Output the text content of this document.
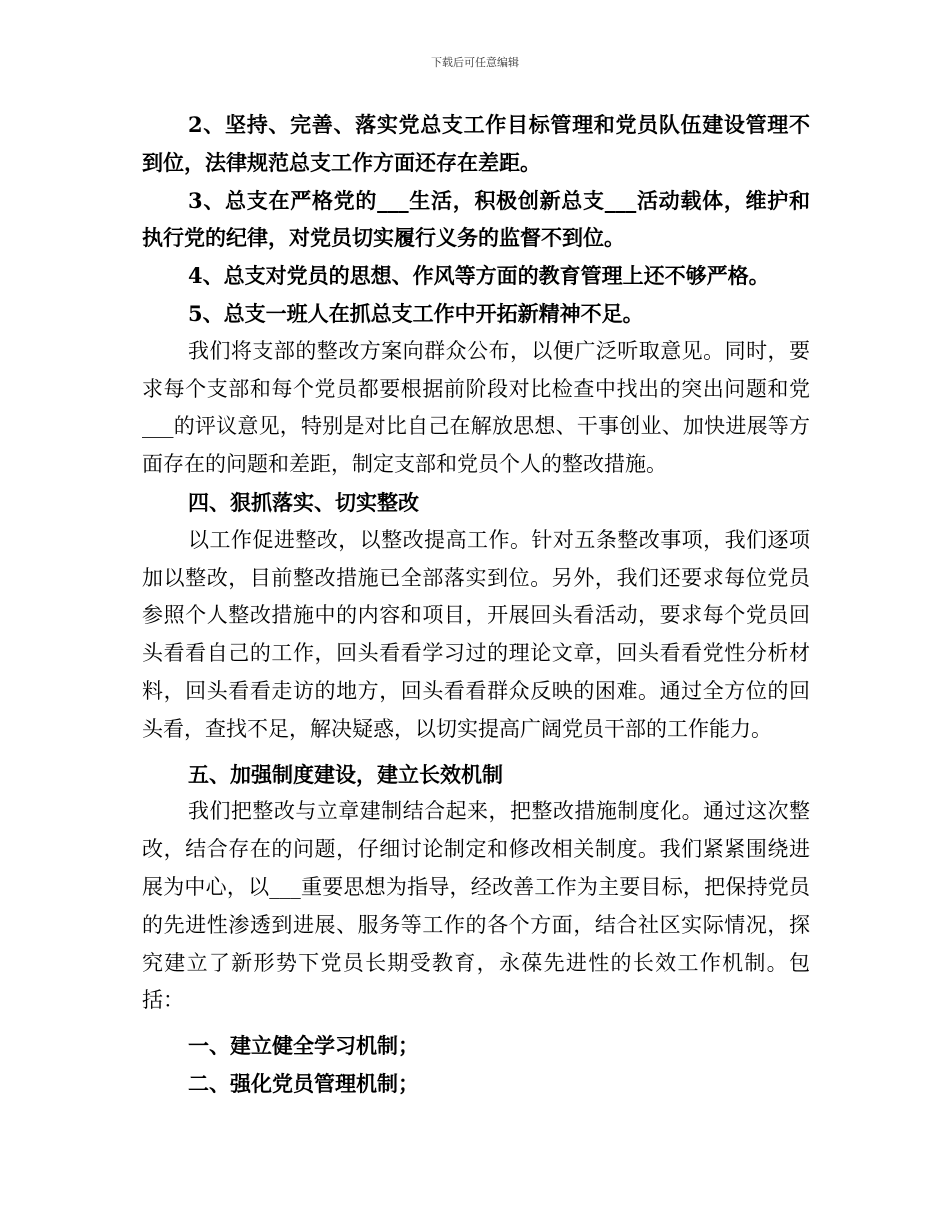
下载后可任意编辑

2、坚持、完善、落实党总支工作目标管理和党员队伍建设管理不到位，法律规范总支工作方面还存在差距。

3、总支在严格党的___生活，积极创新总支___活动载体，维护和执行党的纪律，对党员切实履行义务的监督不到位。

4、总支对党员的思想、作风等方面的教育管理上还不够严格。

5、总支一班人在抓总支工作中开拓新精神不足。

我们将支部的整改方案向群众公布，以便广泛听取意见。同时，要求每个支部和每个党员都要根据前阶段对比检查中找出的突出问题和党___的评议意见，特别是对比自己在解放思想、干事创业、加快进展等方面存在的问题和差距，制定支部和党员个人的整改措施。

四、狠抓落实、切实整改

以工作促进整改，以整改提高工作。针对五条整改事项，我们逐项加以整改，目前整改措施已全部落实到位。另外，我们还要求每位党员参照个人整改措施中的内容和项目，开展回头看活动，要求每个党员回头看看自己的工作，回头看看学习过的理论文章，回头看看党性分析材料，回头看看走访的地方，回头看看群众反映的困难。通过全方位的回头看，查找不足，解决疑惑，以切实提高广阔党员干部的工作能力。

五、加强制度建设，建立长效机制

我们把整改与立章建制结合起来，把整改措施制度化。通过这次整改，结合存在的问题，仔细讨论制定和修改相关制度。我们紧紧围绕进展为中心，以___重要思想为指导，经改善工作为主要目标，把保持党员的先进性渗透到进展、服务等工作的各个方面，结合社区实际情况，探究建立了新形势下党员长期受教育，永葆先进性的长效工作机制。包括：

一、建立健全学习机制；

二、强化党员管理机制；
